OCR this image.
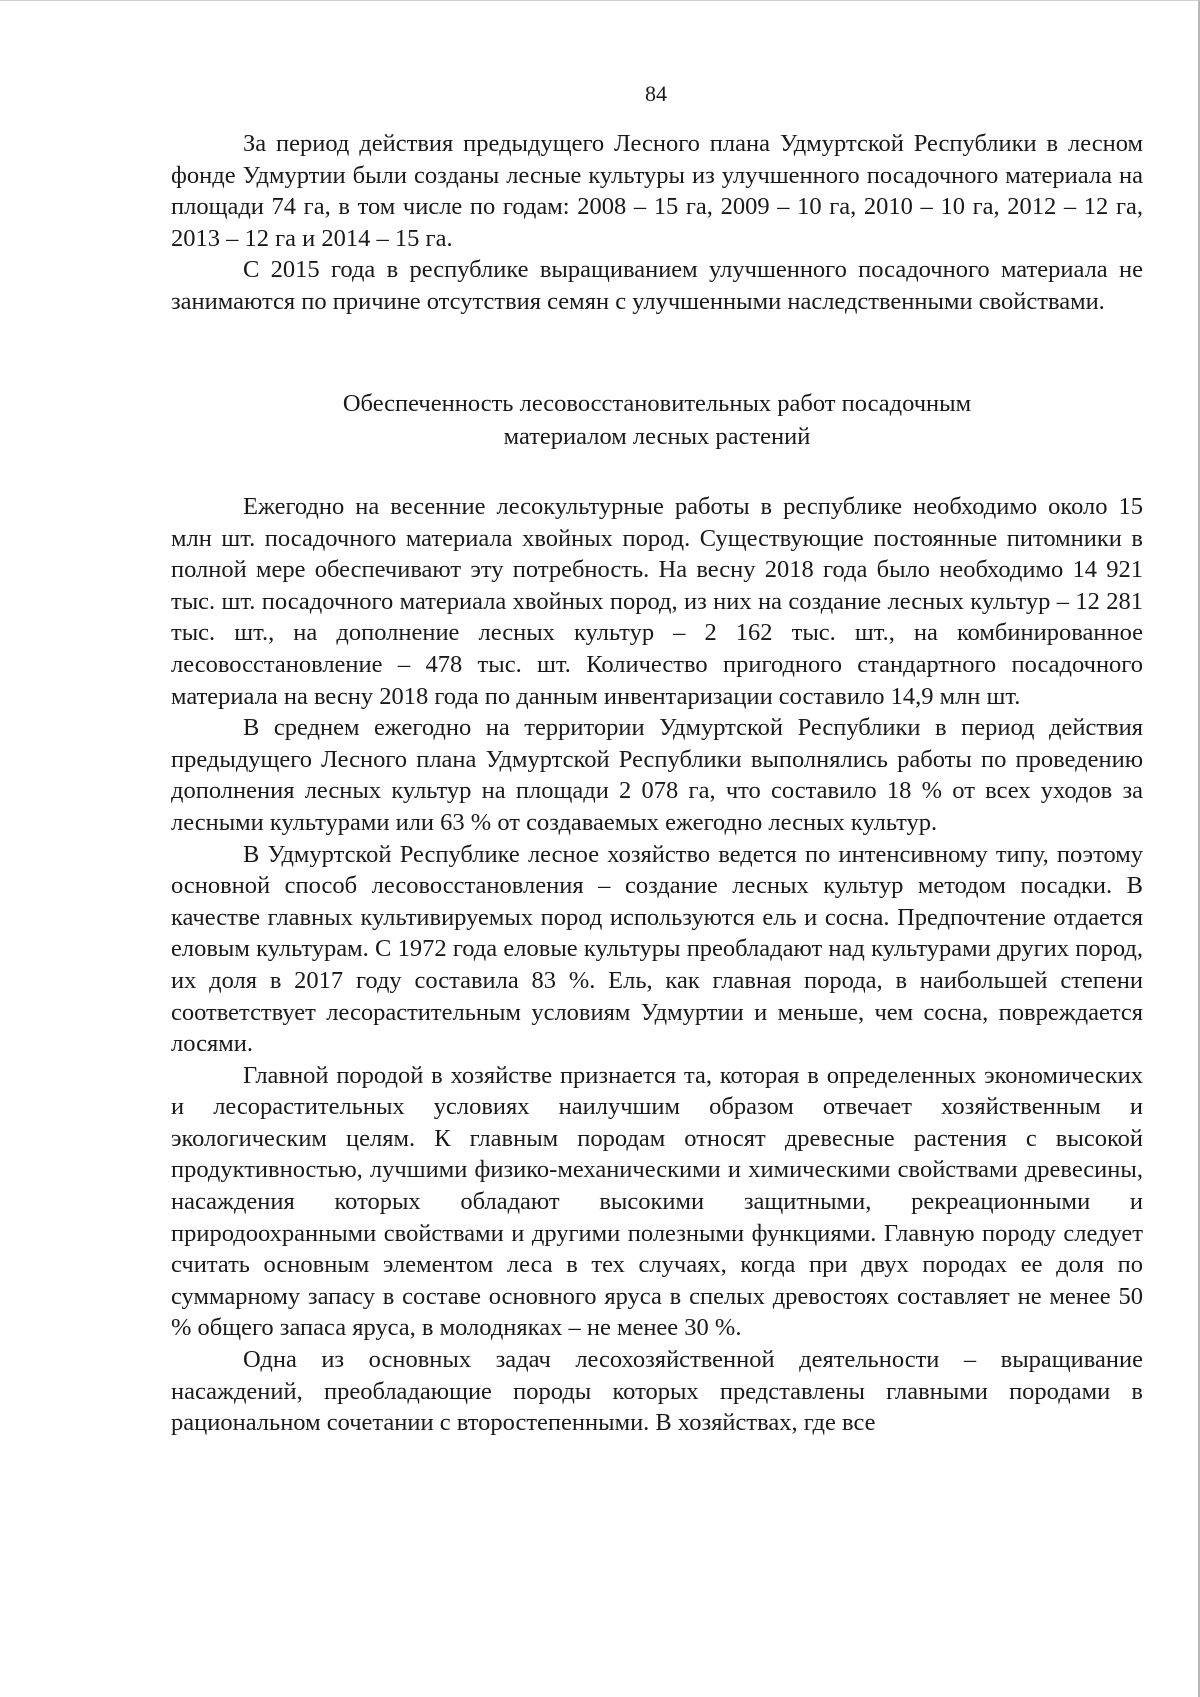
84

За период действия предыдущего Лесного плана Удмуртской Республики в лесном фонде Удмуртии были созданы лесные культуры из улучшенного посадочного материала на площади 74 га, в том числе по годам: 2008 – 15 га, 2009 – 10 га, 2010 – 10 га, 2012 – 12 га, 2013 – 12 га и 2014 – 15 га.

С 2015 года в республике выращиванием улучшенного посадочного материала не занимаются по причине отсутствия семян с улучшенными наследственными свойствами.

Обеспеченность лесовосстановительных работ посадочным
материалом лесных растений

Ежегодно на весенние лесокультурные работы в республике необходимо около 15 млн шт. посадочного материала хвойных пород. Существующие постоянные питомники в полной мере обеспечивают эту потребность. На весну 2018 года было необходимо 14 921 тыс. шт. посадочного материала хвойных пород, из них на создание лесных культур – 12 281 тыс. шт., на дополнение лесных культур – 2 162 тыс. шт., на комбинированное лесовосстановление – 478 тыс. шт. Количество пригодного стандартного посадочного материала на весну 2018 года по данным инвентаризации составило 14,9 млн шт.

В среднем ежегодно на территории Удмуртской Республики в период действия предыдущего Лесного плана Удмуртской Республики выполнялись работы по проведению дополнения лесных культур на площади 2 078 га, что составило 18 % от всех уходов за лесными культурами или 63 % от создаваемых ежегодно лесных культур.

В Удмуртской Республике лесное хозяйство ведется по интенсивному типу, поэтому основной способ лесовосстановления – создание лесных культур методом посадки. В качестве главных культивируемых пород используются ель и сосна. Предпочтение отдается еловым культурам. С 1972 года еловые культуры преобладают над культурами других пород, их доля в 2017 году составила 83 %. Ель, как главная порода, в наибольшей степени соответствует лесорастительным условиям Удмуртии и меньше, чем сосна, повреждается лосями.

Главной породой в хозяйстве признается та, которая в определенных экономических и лесорастительных условиях наилучшим образом отвечает хозяйственным и экологическим целям. К главным породам относят древесные растения с высокой продуктивностью, лучшими физико-механическими и химическими свойствами древесины, насаждения которых обладают высокими защитными, рекреационными и природоохранными свойствами и другими полезными функциями. Главную породу следует считать основным элементом леса в тех случаях, когда при двух породах ее доля по суммарному запасу в составе основного яруса в спелых древостоях составляет не менее 50 % общего запаса яруса, в молодняках – не менее 30 %.

Одна из основных задач лесохозяйственной деятельности – выращивание насаждений, преобладающие породы которых представлены главными породами в рациональном сочетании с второстепенными. В хозяйствах, где все
